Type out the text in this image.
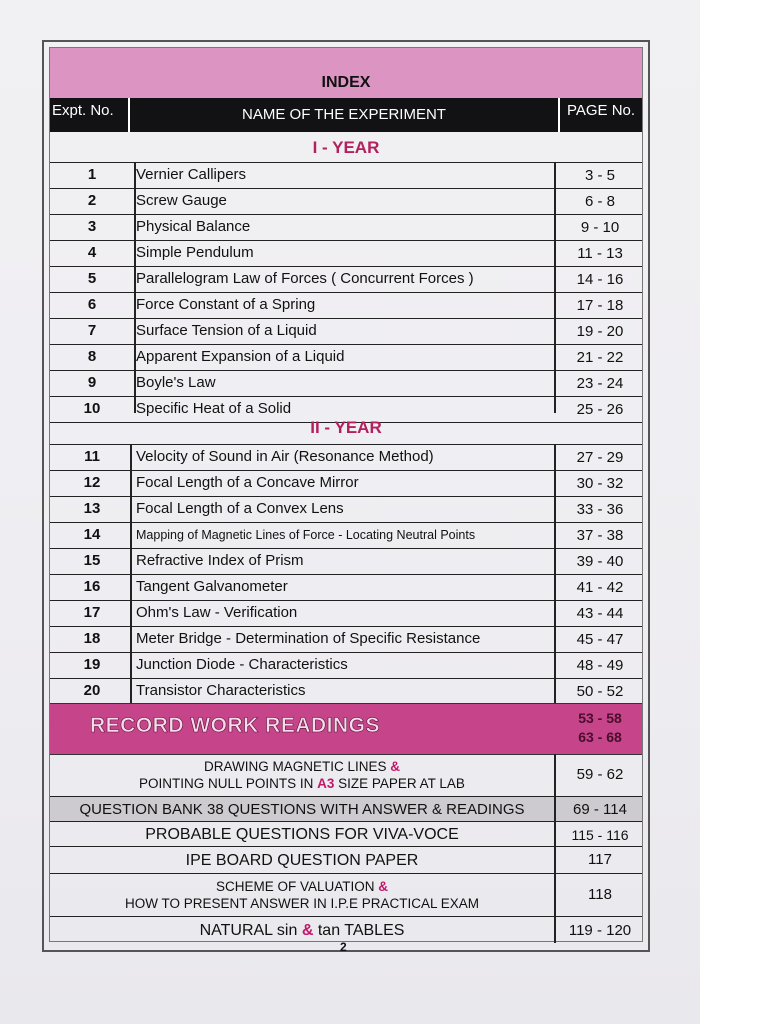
INDEX
Expt. No.	NAME OF THE EXPERIMENT	PAGE No.
I - YEAR
1	Vernier Callipers	3 - 5
2	Screw Gauge	6 - 8
3	Physical Balance	9 - 10
4	Simple Pendulum	11 - 13
5	Parallelogram Law of Forces ( Concurrent Forces )	14 - 16
6	Force Constant of a Spring	17 - 18
7	Surface Tension of a Liquid	19 - 20
8	Apparent Expansion of a Liquid	21 - 22
9	Boyle's Law	23 - 24
10	Specific Heat of a Solid	25 - 26
II - YEAR
11	Velocity of Sound in Air (Resonance Method)	27 - 29
12	Focal Length of a Concave Mirror	30 - 32
13	Focal Length of a Convex Lens	33 - 36
14	Mapping of Magnetic Lines of Force - Locating Neutral Points	37 - 38
15	Refractive Index of Prism	39 - 40
16	Tangent Galvanometer	41 - 42
17	Ohm's Law - Verification	43 - 44
18	Meter Bridge - Determination of Specific Resistance	45 - 47
19	Junction Diode - Characteristics	48 - 49
20	Transistor Characteristics	50 - 52
RECORD WORK READINGS	53 - 58
63 - 68
DRAWING MAGNETIC LINES &
POINTING NULL POINTS IN A3 SIZE PAPER AT LAB
59 - 62
QUESTION BANK 38 QUESTIONS WITH ANSWER & READINGS	69 - 114
PROBABLE QUESTIONS FOR VIVA-VOCE	115 - 116
IPE BOARD QUESTION PAPER	117
SCHEME OF VALUATION &
HOW TO PRESENT ANSWER IN I.P.E PRACTICAL EXAM
118
NATURAL sin & tan TABLES	119 - 120
2
